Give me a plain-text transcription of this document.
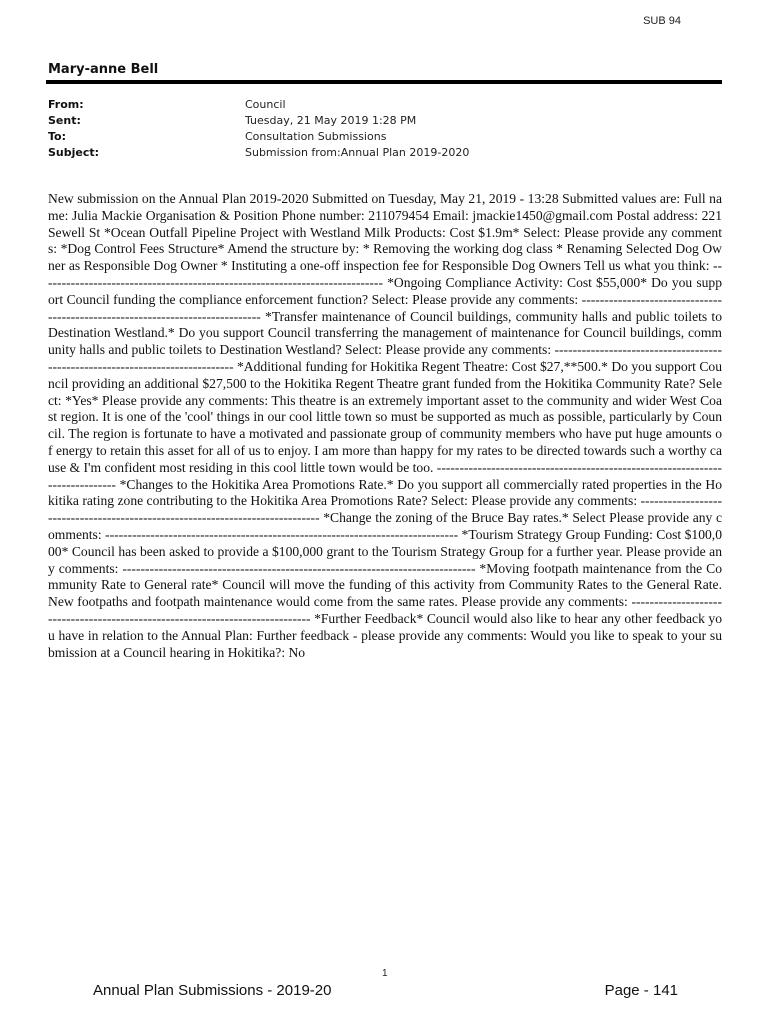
SUB 94
Mary-anne Bell
From:	Council
Sent:	Tuesday, 21 May 2019 1:28 PM
To:	Consultation Submissions
Subject:	Submission from:Annual Plan 2019-2020
New submission on the Annual Plan 2019-2020 Submitted on Tuesday, May 21, 2019 - 13:28 Submitted values are: Full name: Julia Mackie Organisation & Position Phone number: 211079454 Email: jmackie1450@gmail.com Postal address: 221 Sewell St *Ocean Outfall Pipeline Project with Westland Milk Products: Cost $1.9m* Select: Please provide any comments: *Dog Control Fees Structure* Amend the structure by: * Removing the working dog class * Renaming Selected Dog Owner as Responsible Dog Owner * Instituting a one-off inspection fee for Responsible Dog Owners Tell us what you think: ---------------------------------------------------------------------------- *Ongoing Compliance Activity: Cost $55,000* Do you support Council funding the compliance enforcement function? Select: Please provide any comments: ------------------------------------------------------------------------------ *Transfer maintenance of Council buildings, community halls and public toilets to Destination Westland.* Do you support Council transferring the management of maintenance for Council buildings, community halls and public toilets to Destination Westland? Select: Please provide any comments: ------------------------------------------------------------------------------ *Additional funding for Hokitika Regent Theatre: Cost $27,**500.* Do you support Council providing an additional $27,500 to the Hokitika Regent Theatre grant funded from the Hokitika Community Rate? Select: *Yes* Please provide any comments: This theatre is an extremely important asset to the community and wider West Coast region. It is one of the 'cool' things in our cool little town so must be supported as much as possible, particularly by Council. The region is fortunate to have a motivated and passionate group of community members who have put huge amounts of energy to retain this asset for all of us to enjoy. I am more than happy for my rates to be directed towards such a worthy cause & I'm confident most residing in this cool little town would be too. ------------------------------------------------------------------------------ *Changes to the Hokitika Area Promotions Rate.* Do you support all commercially rated properties in the Hokitika rating zone contributing to the Hokitika Area Promotions Rate? Select: Please provide any comments: ------------------------------------------------------------------------------ *Change the zoning of the Bruce Bay rates.* Select Please provide any comments: ------------------------------------------------------------------------------ *Tourism Strategy Group Funding: Cost $100,000* Council has been asked to provide a $100,000 grant to the Tourism Strategy Group for a further year. Please provide any comments: ------------------------------------------------------------------------------ *Moving footpath maintenance from the Community Rate to General rate* Council will move the funding of this activity from Community Rates to the General Rate. New footpaths and footpath maintenance would come from the same rates. Please provide any comments: ------------------------------------------------------------------------------ *Further Feedback* Council would also like to hear any other feedback you have in relation to the Annual Plan: Further feedback - please provide any comments: Would you like to speak to your submission at a Council hearing in Hokitika?: No
1
Annual Plan Submissions - 2019-20	Page - 141
